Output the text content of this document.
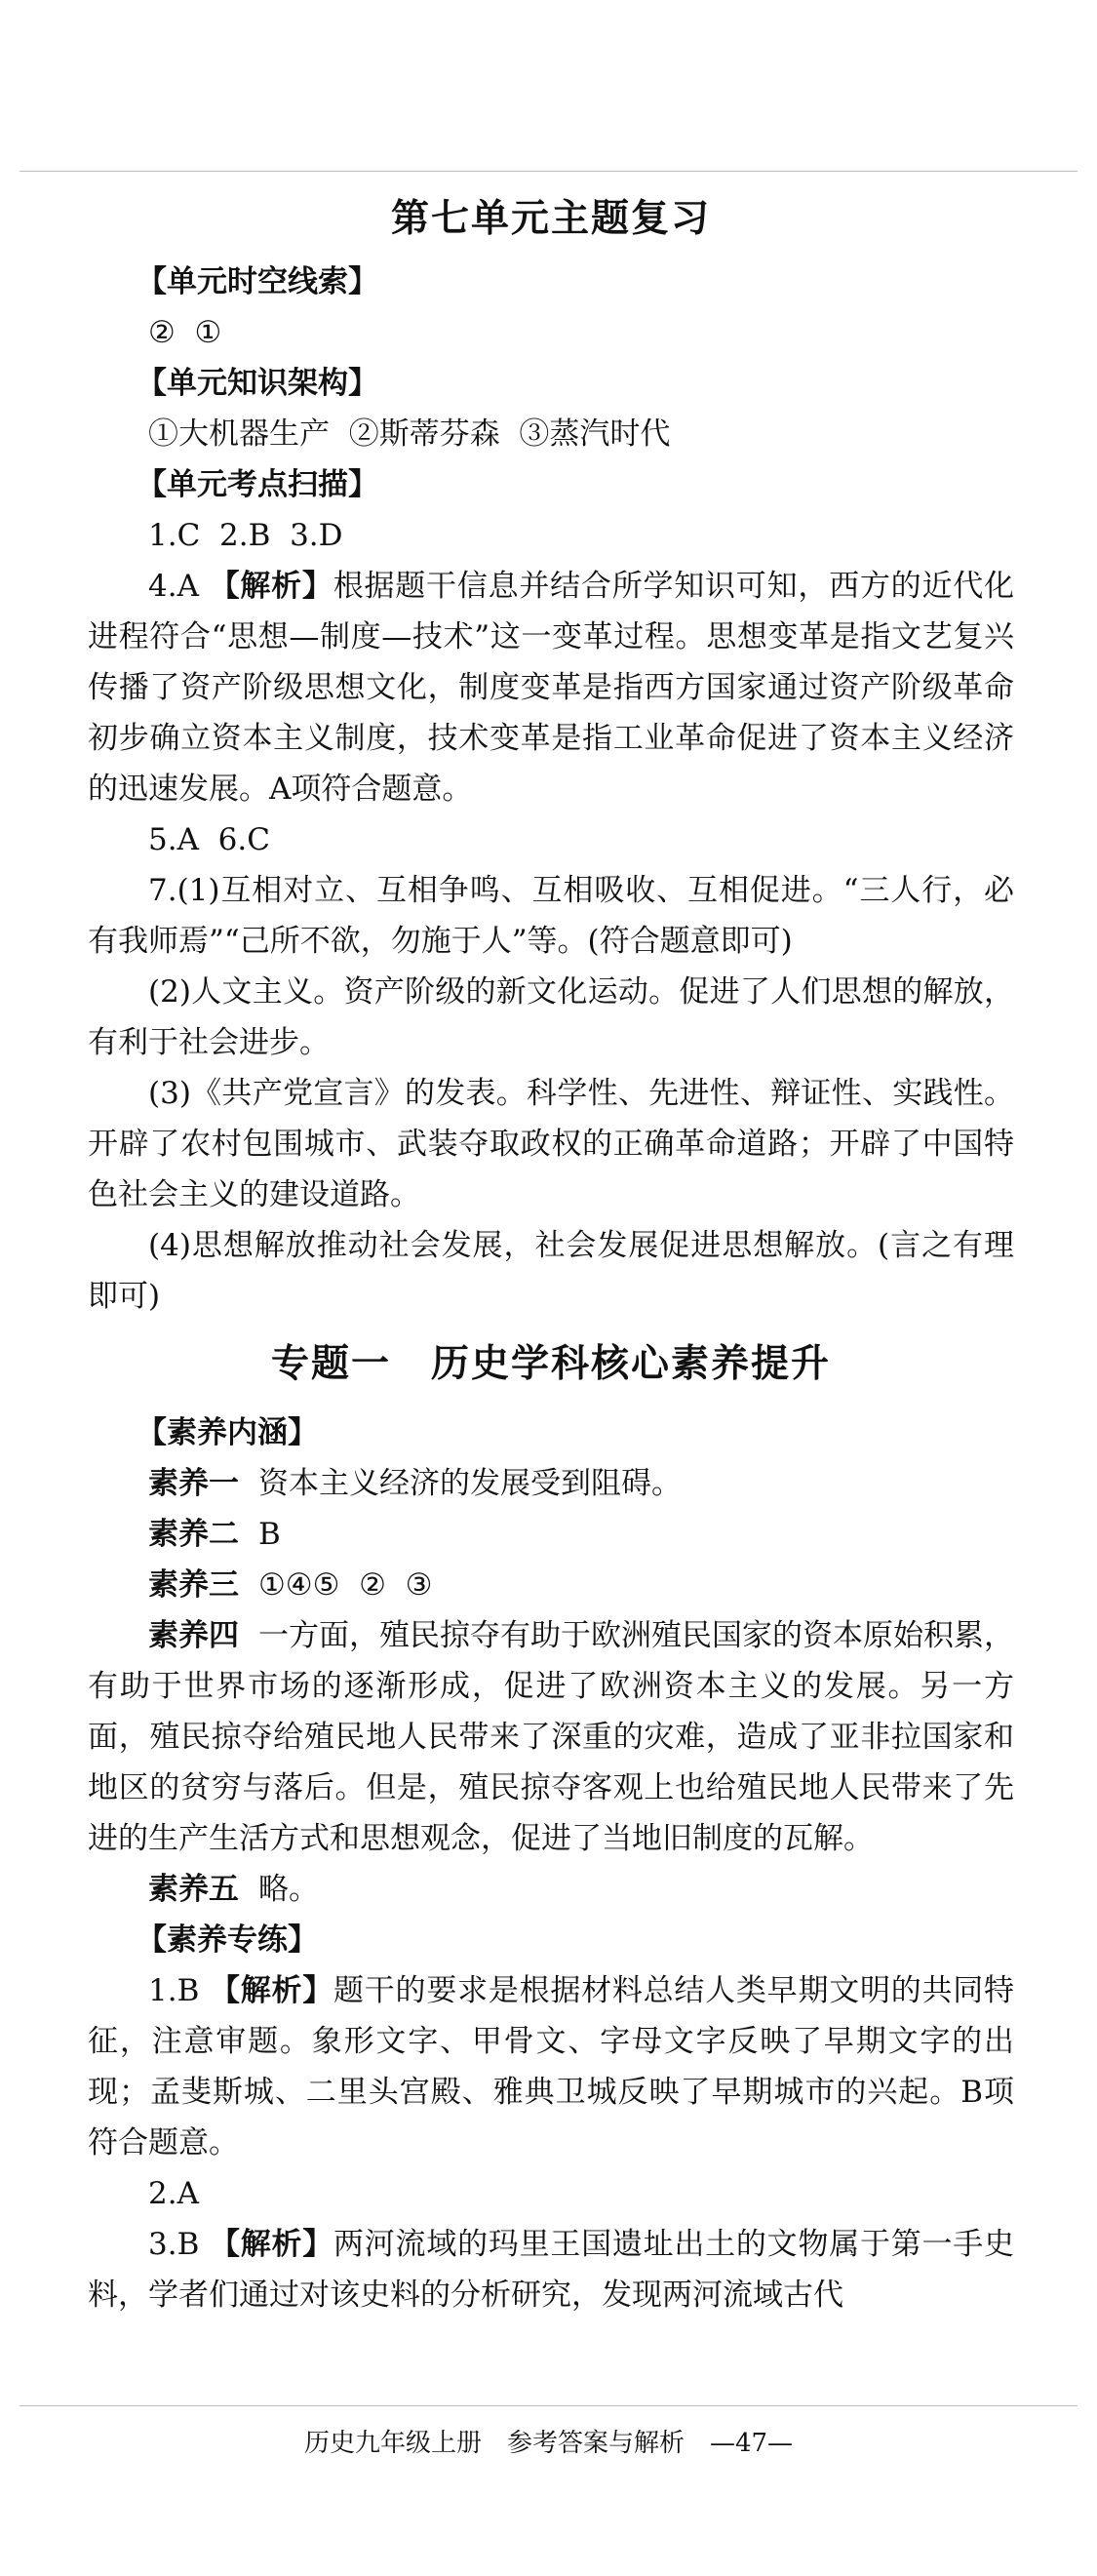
第七单元主题复习
【单元时空线索】
②  ①
【单元知识架构】
①大机器生产  ②斯蒂芬森  ③蒸汽时代
【单元考点扫描】
1.C  2.B  3.D

4.A 【解析】根据题干信息并结合所学知识可知，西方的近代化进程符合“思想—制度—技术”这一变革过程。思想变革是指文艺复兴传播了资产阶级思想文化，制度变革是指西方国家通过资产阶级革命初步确立资本主义制度，技术变革是指工业革命促进了资本主义经济的迅速发展。A项符合题意。

5.A  6.C

7.(1)互相对立、互相争鸣、互相吸收、互相促进。“三人行，必有我师焉”“己所不欲，勿施于人”等。(符合题意即可)

(2)人文主义。资产阶级的新文化运动。促进了人们思想的解放，有利于社会进步。

(3)《共产党宣言》的发表。科学性、先进性、辩证性、实践性。开辟了农村包围城市、武装夺取政权的正确革命道路；开辟了中国特色社会主义的建设道路。

(4)思想解放推动社会发展，社会发展促进思想解放。(言之有理即可)

专题一　历史学科核心素养提升
【素养内涵】

素养一 资本主义经济的发展受到阻碍。

素养二 B

素养三 ①④⑤  ②  ③

素养四 一方面，殖民掠夺有助于欧洲殖民国家的资本原始积累，有助于世界市场的逐渐形成，促进了欧洲资本主义的发展。另一方面，殖民掠夺给殖民地人民带来了深重的灾难，造成了亚非拉国家和地区的贫穷与落后。但是，殖民掠夺客观上也给殖民地人民带来了先进的生产生活方式和思想观念，促进了当地旧制度的瓦解。

素养五 略。

【素养专练】

1.B 【解析】题干的要求是根据材料总结人类早期文明的共同特征，注意审题。象形文字、甲骨文、字母文字反映了早期文字的出现；孟斐斯城、二里头宫殿、雅典卫城反映了早期城市的兴起。B项符合题意。

2.A

3.B 【解析】两河流域的玛里王国遗址出土的文物属于第一手史料，学者们通过对该史料的分析研究，发现两河流域古代

历史九年级上册　参考答案与解析　—47—
